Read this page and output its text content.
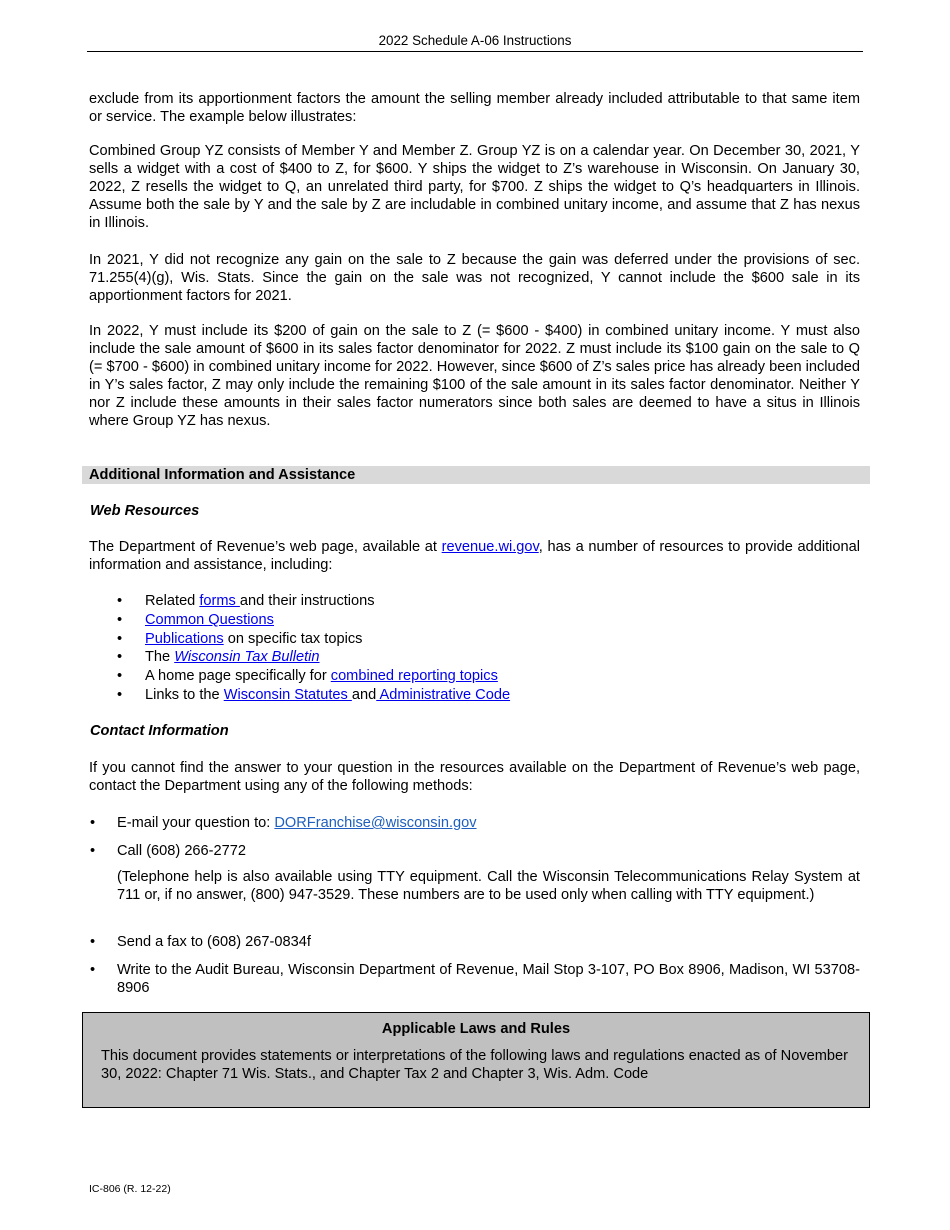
2022 Schedule A-06 Instructions

exclude from its apportionment factors the amount the selling member already included attributable to that same item or service. The example below illustrates:

Combined Group YZ consists of Member Y and Member Z. Group YZ is on a calendar year. On December 30, 2021, Y sells a widget with a cost of $400 to Z, for $600. Y ships the widget to Z’s warehouse in Wisconsin. On January 30, 2022, Z resells the widget to Q, an unrelated third party, for $700. Z ships the widget to Q’s headquarters in Illinois. Assume both the sale by Y and the sale by Z are includable in combined unitary income, and assume that Z has nexus in Illinois.

In 2021, Y did not recognize any gain on the sale to Z because the gain was deferred under the provisions of sec. 71.255(4)(g), Wis. Stats. Since the gain on the sale was not recognized, Y cannot include the $600 sale in its apportionment factors for 2021.

In 2022, Y must include its $200 of gain on the sale to Z (= $600 - $400) in combined unitary income. Y must also include the sale amount of $600 in its sales factor denominator for 2022. Z must include its $100 gain on the sale to Q (= $700 - $600) in combined unitary income for 2022. However, since $600 of Z’s sales price has already been included in Y’s sales factor, Z may only include the remaining $100 of the sale amount in its sales factor denominator. Neither Y nor Z include these amounts in their sales factor numerators since both sales are deemed to have a situs in Illinois where Group YZ has nexus.

Additional Information and Assistance

Web Resources

The Department of Revenue’s web page, available at revenue.wi.gov, has a number of resources to provide additional information and assistance, including:

• Related forms and their instructions
• Common Questions
• Publications on specific tax topics
• The Wisconsin Tax Bulletin
• A home page specifically for combined reporting topics
• Links to the Wisconsin Statutes and Administrative Code

Contact Information

If you cannot find the answer to your question in the resources available on the Department of Revenue’s web page, contact the Department using any of the following methods:

• E-mail your question to: DORFranchise@wisconsin.gov
• Call (608) 266-2772
(Telephone help is also available using TTY equipment. Call the Wisconsin Telecommunications Relay System at 711 or, if no answer, (800) 947-3529. These numbers are to be used only when calling with TTY equipment.)
• Send a fax to (608) 267-0834f
• Write to the Audit Bureau, Wisconsin Department of Revenue, Mail Stop 3-107, PO Box 8906, Madison, WI 53708-8906
Applicable Laws and Rules
This document provides statements or interpretations of the following laws and regulations enacted as of November 30, 2022: Chapter 71 Wis. Stats., and Chapter Tax 2 and Chapter 3, Wis. Adm. Code
IC-806 (R. 12-22)
